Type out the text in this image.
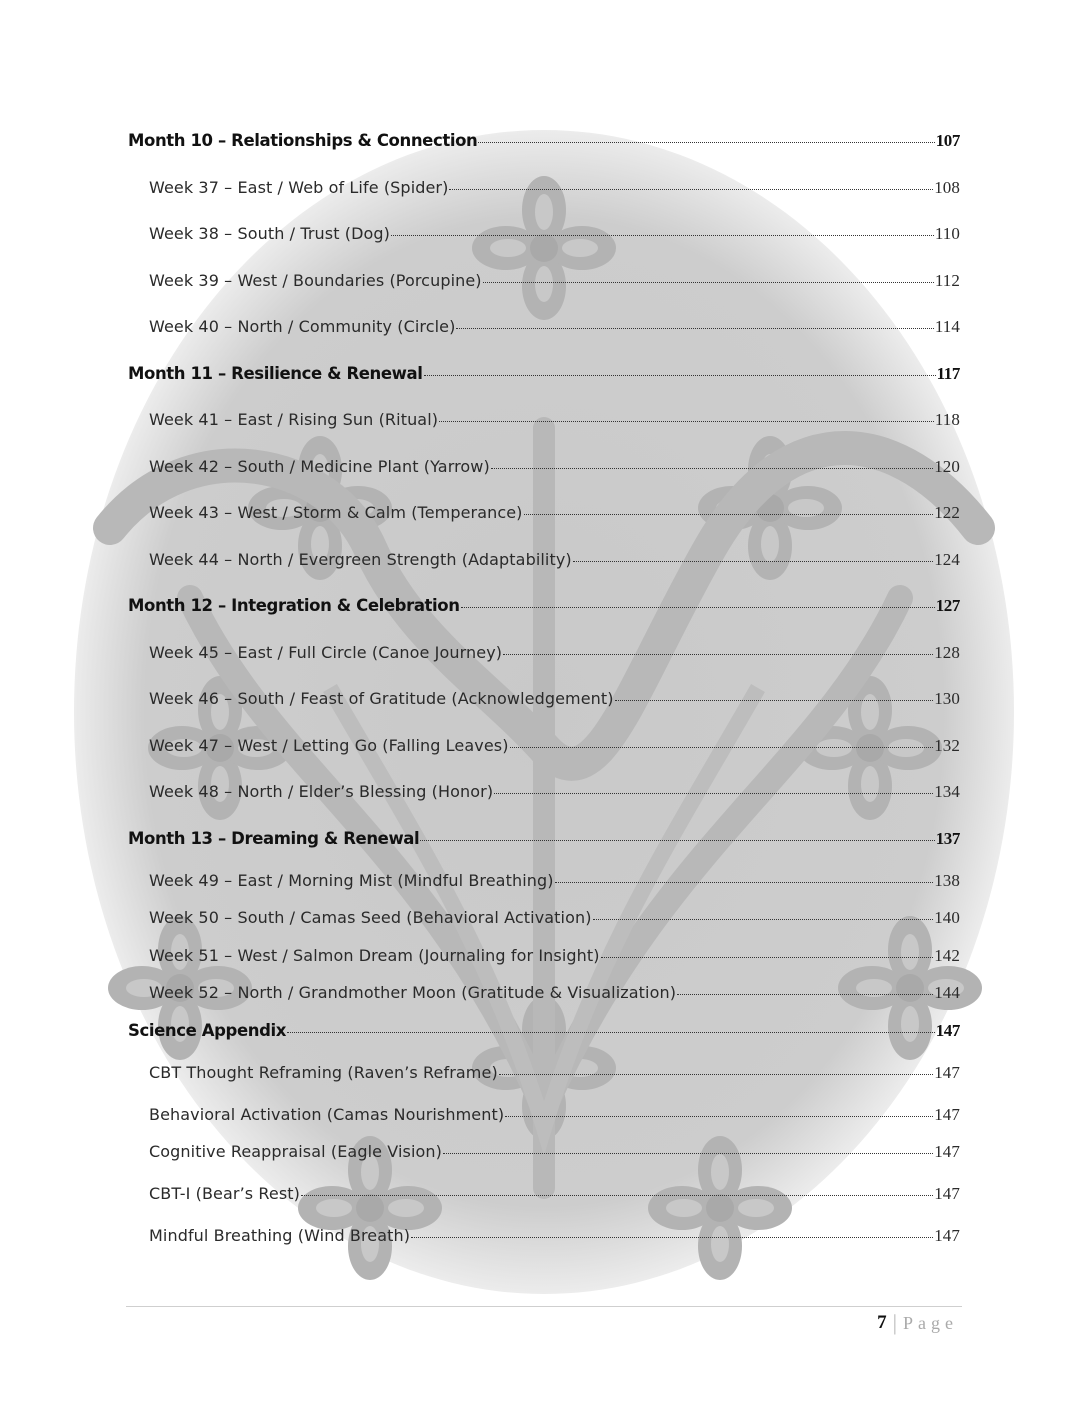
Month 10 – Relationships & Connection	107
Week 37 – East / Web of Life (Spider)	108
Week 38 – South / Trust (Dog)	110
Week 39 – West / Boundaries (Porcupine)	112
Week 40 – North / Community (Circle)	114
Month 11 – Resilience & Renewal	117
Week 41 – East / Rising Sun (Ritual)	118
Week 42 – South / Medicine Plant (Yarrow)	120
Week 43 – West / Storm & Calm (Temperance)	122
Week 44 – North / Evergreen Strength (Adaptability)	124
Month 12 – Integration & Celebration	127
Week 45 – East / Full Circle (Canoe Journey)	128
Week 46 – South / Feast of Gratitude (Acknowledgement)	130
Week 47 – West / Letting Go (Falling Leaves)	132
Week 48 – North / Elder’s Blessing (Honor)	134
Month 13 – Dreaming & Renewal	137
Week 49 – East / Morning Mist (Mindful Breathing)	138
Week 50 – South / Camas Seed (Behavioral Activation)	140
Week 51 – West / Salmon Dream (Journaling for Insight)	142
Week 52 – North / Grandmother Moon (Gratitude & Visualization)	144
Science Appendix	147
CBT Thought Reframing (Raven’s Reframe)	147
Behavioral Activation (Camas Nourishment)	147
Cognitive Reappraisal (Eagle Vision)	147
CBT-I (Bear’s Rest)	147
Mindful Breathing (Wind Breath)	147
7 | Page
